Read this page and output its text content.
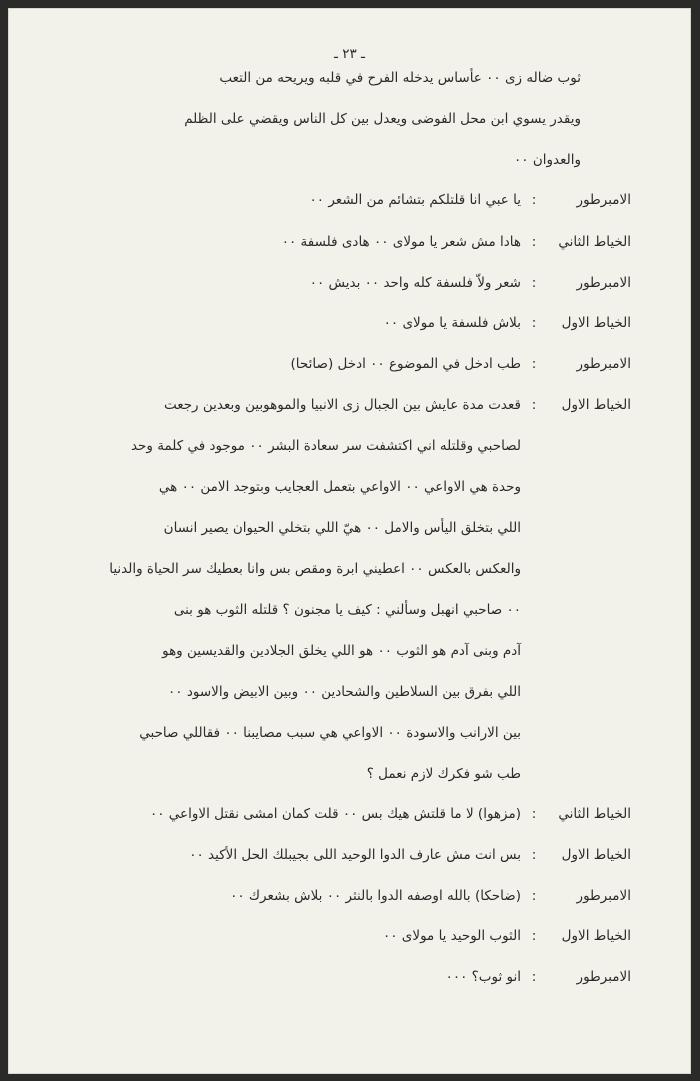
ـ ٢٣ ـ
ثوب ضاله زى ٠٠ عأساس يدخله الفرح في قلبه ويريحه من التعب
ويقدر يسوي ابن محل الفوضى ويعدل بين كل الناس ويقضي على الظلم
والعدوان ٠٠
الامبرطور
:
يا عبي انا قلتلكم بتشائم من الشعر ٠٠
الخياط الثاني
:
هادا مش شعر يا مولاى ٠٠ هادى فلسفة ٠٠
الامبرطور
:
شعر ولاّ فلسفة كله واحد ٠٠ بديش ٠٠
الخياط الاول
:
بلاش فلسفة يا مولاى ٠٠
الامبرطور
:
طب ادخل في الموضوع ٠٠ ادخل (صائحا)
الخياط الاول
:
قعدت مدة عايش بين الجبال زى الانبيا والموهوبين وبعدين رجعت
لصاحبي وقلتله اني اكتشفت سر سعادة البشر ٠٠ موجود في كلمة وحد
وحدة هي الاواعي ٠٠ الاواعي بتعمل العجايب وبتوجد الامن ٠٠ هي
اللي بتخلق اليأس والامل ٠٠ هيّ اللي بتخلي الحيوان يصير انسان
والعكس بالعكس ٠٠ اعطيني ابرة ومقص بس وانا بعطيك سر الحياة والدنيا
٠٠ صاحبي انهبل وسألني : كيف يا مجنون ؟ قلتله الثوب هو بنى
آدم وبنى آدم هو الثوب ٠٠ هو اللي يخلق الجلادين والقديسين وهو
اللي بفرق بين السلاطين والشحادين ٠٠ وبين الابيض والاسود ٠٠
بين الارانب والاسودة ٠٠ الاواعي هي سبب مصايبنا ٠٠ فقاللي صاحبي
طب شو فكرك لازم نعمل ؟
الخياط الثاني
:
(مزهوا) لا ما قلتش هيك بس ٠٠ قلت كمان امشى نقتل الاواعي ٠٠
الخياط الاول
:
بس انت مش عارف الدوا الوحيد اللى بجيبلك الحل الأكيد ٠٠
الامبرطور
:
(ضاحكا) بالله اوصفه الدوا بالنثر ٠٠ بلاش بشعرك ٠٠
الخياط الاول
:
الثوب الوحيد يا مولاى ٠٠
الامبرطور
:
انو ثوب؟ ٠٠٠
